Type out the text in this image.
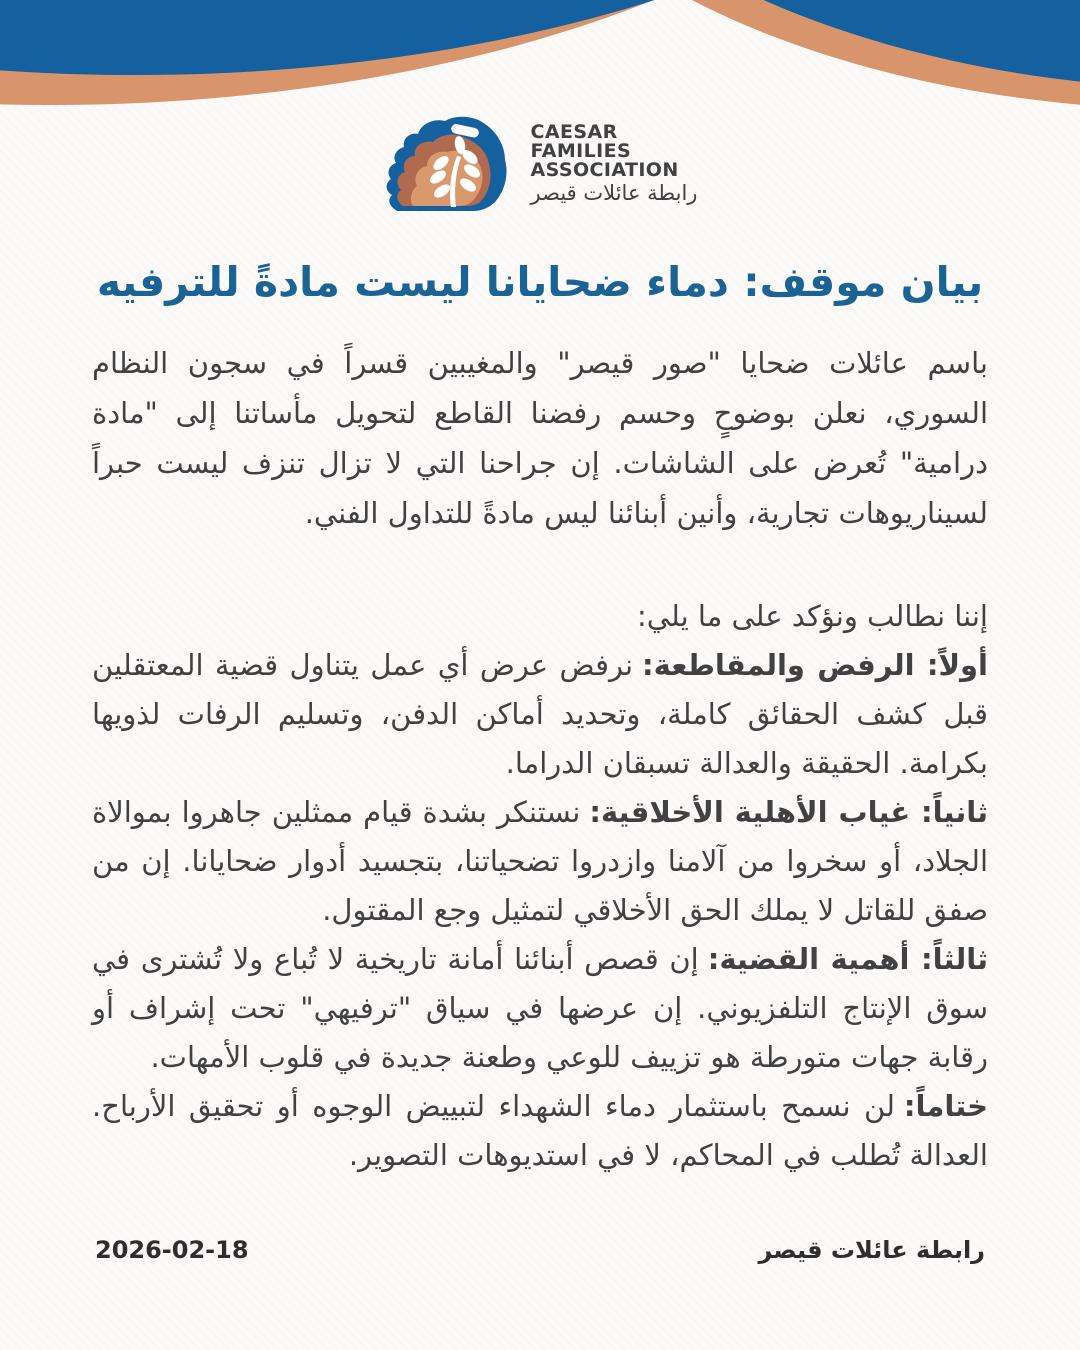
CAESAR
FAMILIES
ASSOCIATION
رابطة عائلات قيصر
بيان موقف: دماء ضحايانا ليست مادةً للترفيه

باسم عائلات ضحايا "صور قيصر" والمغيبين قسراً في سجون النظام السوري، نعلن بوضوحٍ وحسم رفضنا القاطع لتحويل مأساتنا إلى "مادة درامية" تُعرض على الشاشات. إن جراحنا التي لا تزال تنزف ليست حبراً لسيناريوهات تجارية، وأنين أبنائنا ليس مادةً للتداول الفني.

إننا نطالب ونؤكد على ما يلي:

أولاً: الرفض والمقاطعة:نرفض عرض أي عمل يتناول قضية المعتقلين قبل كشف الحقائق كاملة، وتحديد أماكن الدفن، وتسليم الرفات لذويها بكرامة. الحقيقة والعدالة تسبقان الدراما.

ثانياً: غياب الأهلية الأخلاقية:نستنكر بشدة قيام ممثلين جاهروا بموالاة الجلاد، أو سخروا من آلامنا وازدروا تضحياتنا، بتجسيد أدوار ضحايانا. إن من صفق للقاتل لا يملك الحق الأخلاقي لتمثيل وجع المقتول.

ثالثاً: أهمية القضية:إن قصص أبنائنا أمانة تاريخية لا تُباع ولا تُشترى في سوق الإنتاج التلفزيوني. إن عرضها في سياق "ترفيهي" تحت إشراف أو رقابة جهات متورطة هو تزييف للوعي وطعنة جديدة في قلوب الأمهات.

ختاماً:لن نسمح باستثمار دماء الشهداء لتبييض الوجوه أو تحقيق الأرباح. العدالة تُطلب في المحاكم، لا في استديوهات التصوير.

رابطة عائلات قيصر
2026-02-18
